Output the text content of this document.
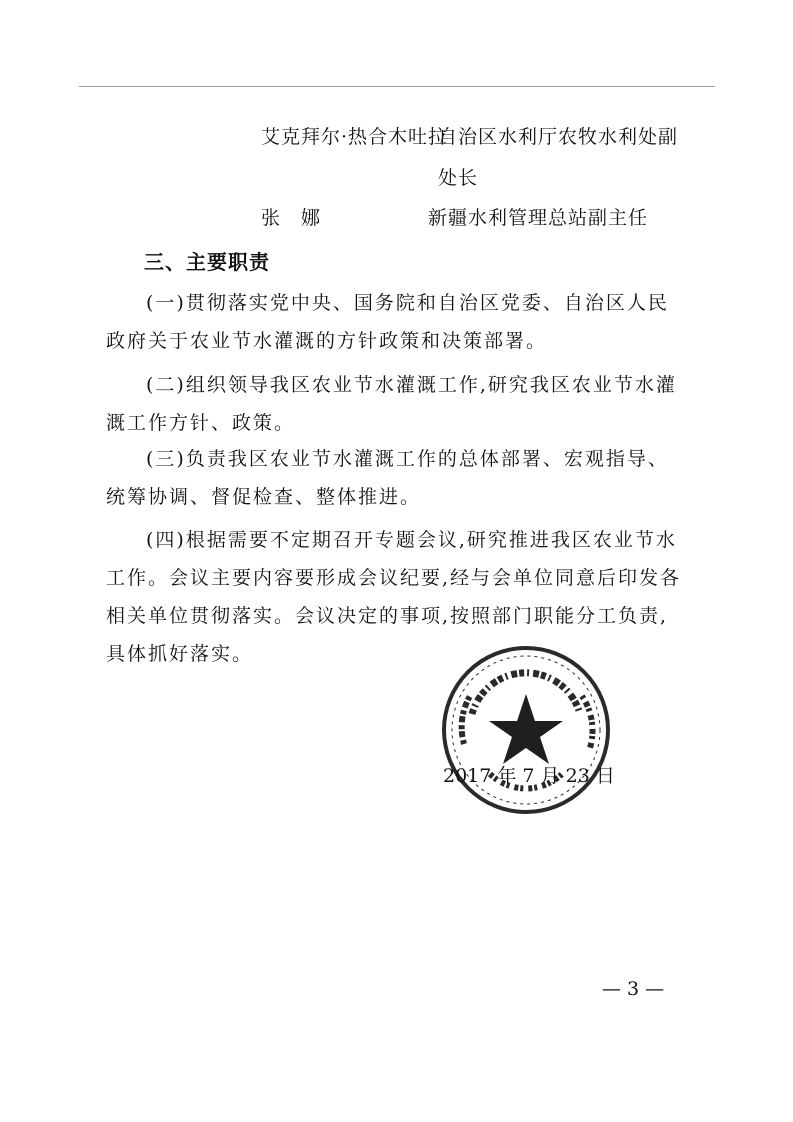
艾克拜尔·热合木吐拉
自治区水利厅农牧水利处副
处长
张　娜	新疆水利管理总站副主任
三、主要职责

(一)贯彻落实党中央、国务院和自治区党委、自治区人民政府关于农业节水灌溉的方针政策和决策部署。

(二)组织领导我区农业节水灌溉工作,研究我区农业节水灌溉工作方针、政策。

(三)负责我区农业节水灌溉工作的总体部署、宏观指导、统筹协调、督促检查、整体推进。

(四)根据需要不定期召开专题会议,研究推进我区农业节水工作。会议主要内容要形成会议纪要,经与会单位同意后印发各相关单位贯彻落实。会议决定的事项,按照部门职能分工负责,具体抓好落实。

2017 年 7 月 23 日
— 3 —
